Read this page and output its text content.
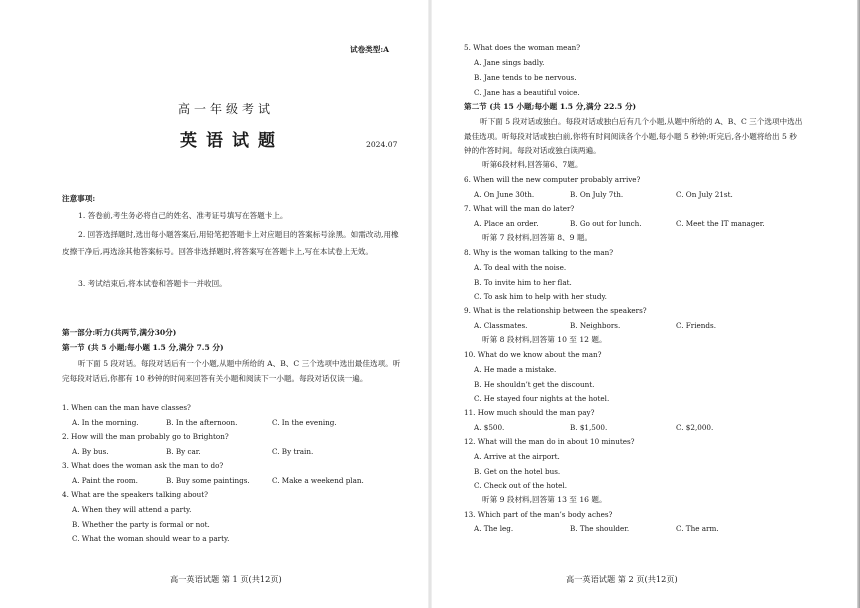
试卷类型:A
高一年级考试
英语试题	2024.07
注意事项:
1. 答卷前,考生务必将自己的姓名、准考证号填写在答题卡上。
2. 回答选择题时,选出每小题答案后,用铅笔把答题卡上对应题目的答案标号涂黑。如需改动,用橡皮擦干净后,再选涂其他答案标号。回答非选择题时,将答案写在答题卡上,写在本试卷上无效。
3. 考试结束后,将本试卷和答题卡一并收回。
第一部分:听力(共两节,满分30分)
第一节 (共 5 小题;每小题 1.5 分,满分 7.5 分)
听下面 5 段对话。每段对话后有一个小题,从题中所给的 A、B、C 三个选项中选出最佳选项。听完每段对话后,你都有 10 秒钟的时间来回答有关小题和阅读下一小题。每段对话仅读一遍。
1. When can the man have classes?
A. In the morning.	B. In the afternoon.	C. In the evening.
2. How will the man probably go to Brighton?
A. By bus.	B. By car.	C. By train.
3. What does the woman ask the man to do?
A. Paint the room.	B. Buy some paintings.	C. Make a weekend plan.
4. What are the speakers talking about?
A. When they will attend a party.
B. Whether the party is formal or not.
C. What the woman should wear to a party.
高一英语试题 第 1 页(共12页)
5. What does the woman mean?
A. Jane sings badly.
B. Jane tends to be nervous.
C. Jane has a beautiful voice.
第二节 (共 15 小题;每小题 1.5 分,满分 22.5 分)
听下面 5 段对话或独白。每段对话或独白后有几个小题,从题中所给的 A、B、C 三个选项中选出最佳选项。听每段对话或独白前,你将有时间阅读各个小题,每小题 5 秒钟;听完后,各小题将给出 5 秒钟的作答时间。每段对话或独白读两遍。
听第6段材料,回答第6、7题。
6. When will the new computer probably arrive?
A. On June 30th.	B. On July 7th.	C. On July 21st.
7. What will the man do later?
A. Place an order.	B. Go out for lunch.	C. Meet the IT manager.
听第 7 段材料,回答第 8、9 题。
8. Why is the woman talking to the man?
A. To deal with the noise.
B. To invite him to her flat.
C. To ask him to help with her study.
9. What is the relationship between the speakers?
A. Classmates.	B. Neighbors.	C. Friends.
听第 8 段材料,回答第 10 至 12 题。
10. What do we know about the man?
A. He made a mistake.
B. He shouldn’t get the discount.
C. He stayed four nights at the hotel.
11. How much should the man pay?
A. $500.	B. $1,500.	C. $2,000.
12. What will the man do in about 10 minutes?
A. Arrive at the airport.
B. Get on the hotel bus.
C. Check out of the hotel.
听第 9 段材料,回答第 13 至 16 题。
13. Which part of the man’s body aches?
A. The leg.	B. The shoulder.	C. The arm.
高一英语试题 第 2 页(共12页)
